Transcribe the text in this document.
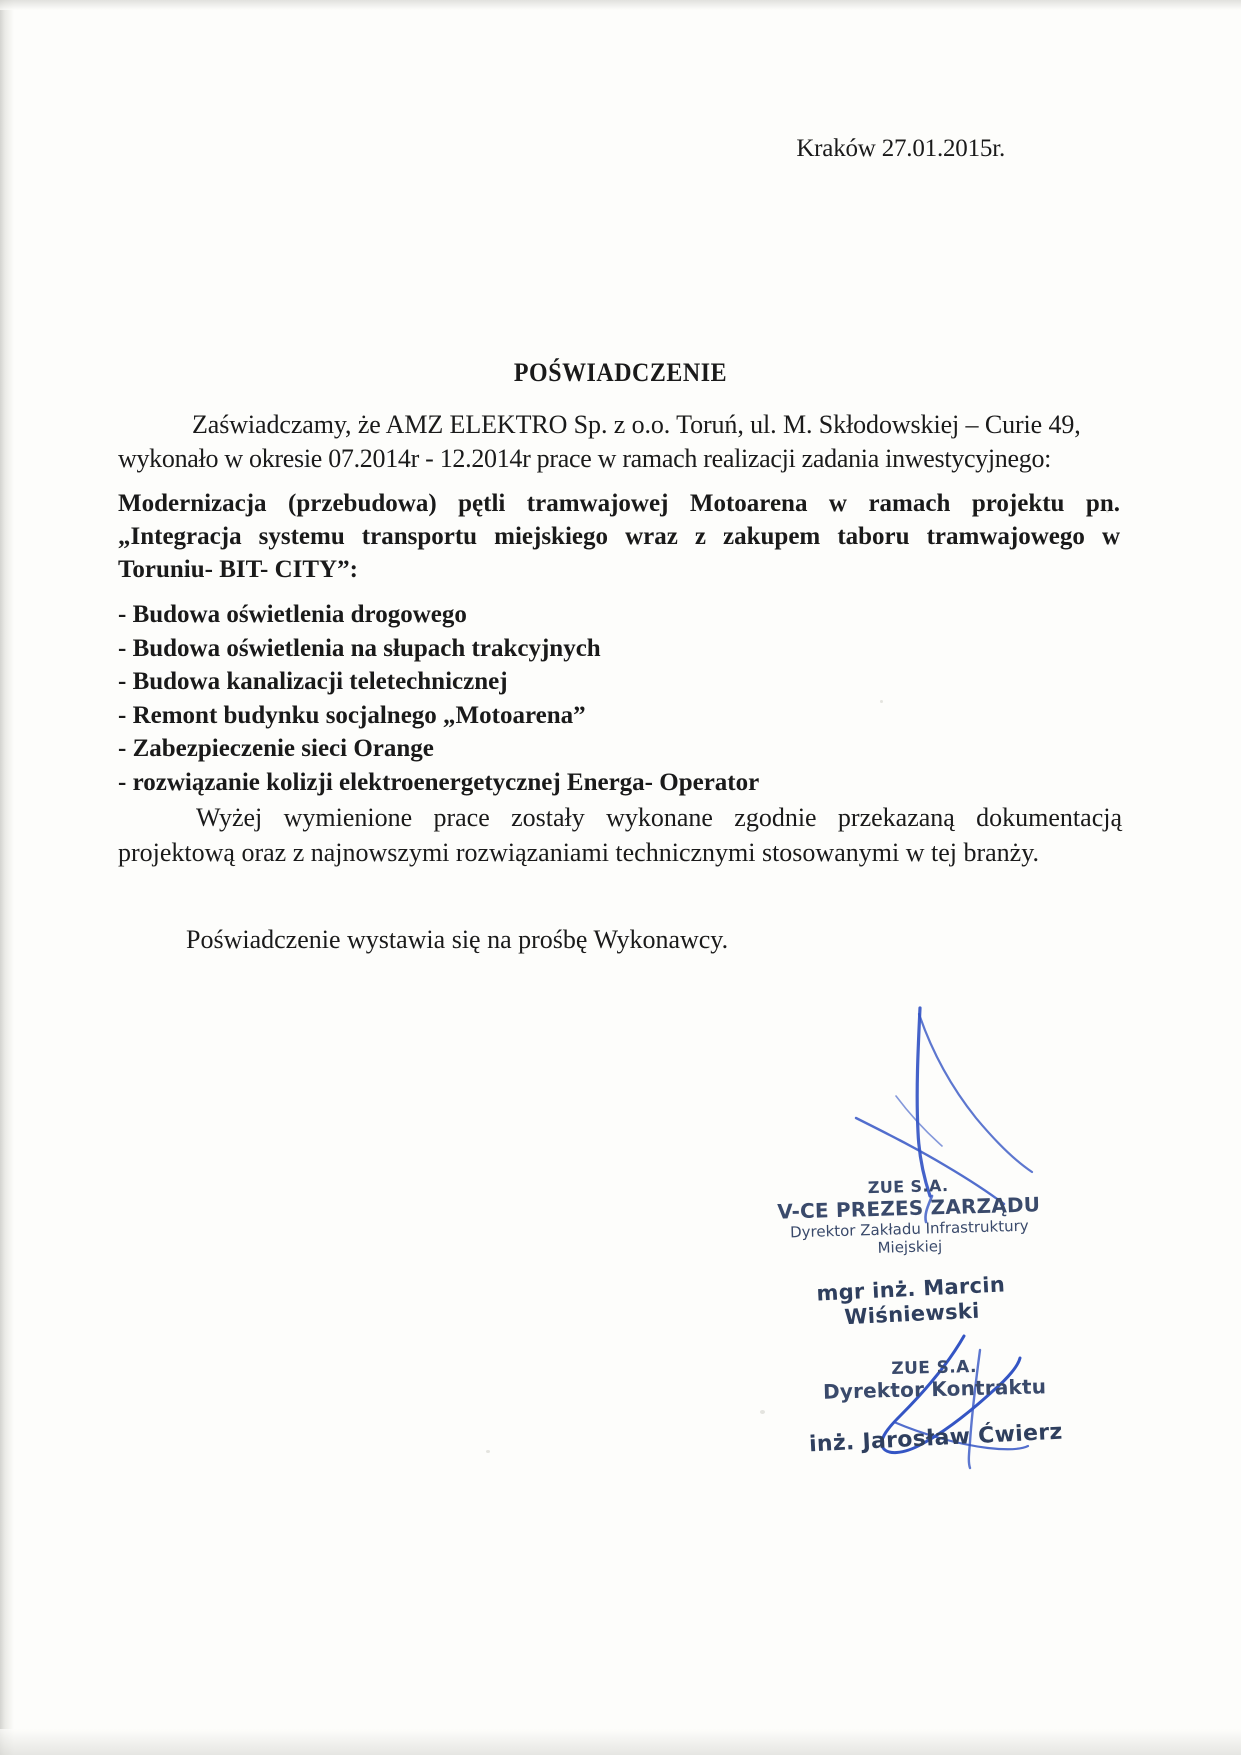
Kraków 27.01.2015r.
POŚWIADCZENIE
Zaświadczamy, że AMZ ELEKTRO Sp. z o.o. Toruń, ul. M. Skłodowskiej – Curie 49,
wykonało w okresie 07.2014r - 12.2014r prace w ramach realizacji zadania inwestycyjnego:
Modernizacja (przebudowa) pętli tramwajowej Motoarena w ramach projektu pn.
„Integracja systemu transportu miejskiego wraz z zakupem taboru tramwajowego w
Toruniu- BIT- CITY”:
- Budowa oświetlenia drogowego
- Budowa oświetlenia na słupach trakcyjnych
- Budowa kanalizacji teletechnicznej
- Remont budynku socjalnego „Motoarena”
- Zabezpieczenie sieci Orange
- rozwiązanie kolizji elektroenergetycznej Energa- Operator
Wyżej wymienione prace zostały wykonane zgodnie przekazaną dokumentacją
projektową oraz z najnowszymi rozwiązaniami technicznymi stosowanymi w tej branży.
Poświadczenie wystawia się na prośbę Wykonawcy.
ZUE S.A.
V-CE PREZES ZARZĄDU
Dyrektor Zakładu Infrastruktury Miejskiej
mgr inż. Marcin Wiśniewski
ZUE S.A.
Dyrektor Kontraktu
inż. Jarosław Ćwierz
